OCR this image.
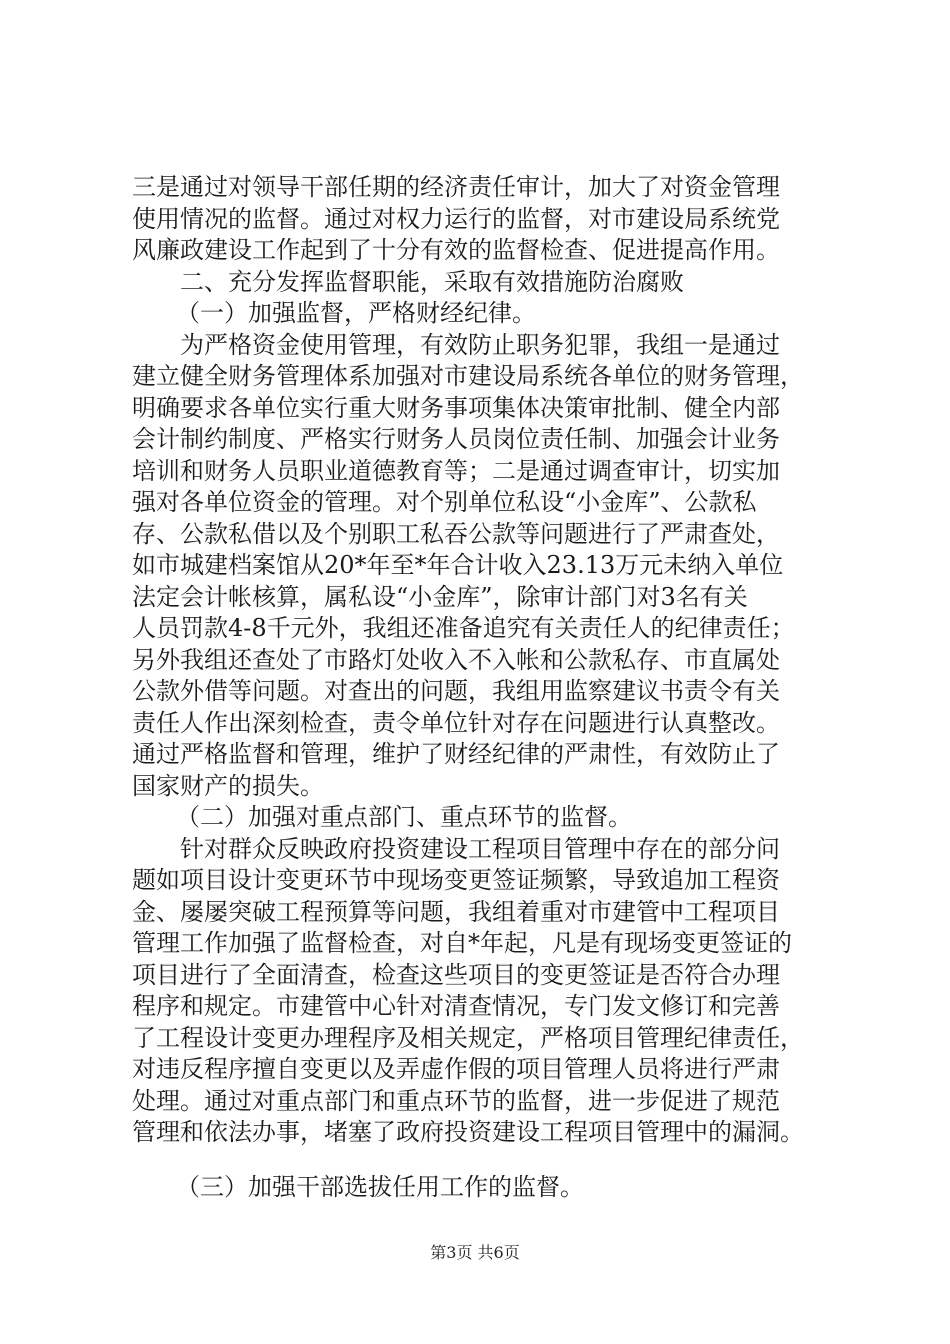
三是通过对领导干部任期的经济责任审计，加大了对资金管理
使用情况的监督。通过对权力运行的监督，对市建设局系统党
风廉政建设工作起到了十分有效的监督检查、促进提高作用。
二、充分发挥监督职能，采取有效措施防治腐败
（一）加强监督，严格财经纪律。
为严格资金使用管理，有效防止职务犯罪，我组一是通过
建立健全财务管理体系加强对市建设局系统各单位的财务管理，
明确要求各单位实行重大财务事项集体决策审批制、健全内部
会计制约制度、严格实行财务人员岗位责任制、加强会计业务
培训和财务人员职业道德教育等；二是通过调查审计，切实加
强对各单位资金的管理。对个别单位私设“小金库”、公款私
存、公款私借以及个别职工私吞公款等问题进行了严肃查处，
如市城建档案馆从20*年至*年合计收入23.13万元未纳入单位
法定会计帐核算，属私设“小金库”，除审计部门对3名有关
人员罚款4-8千元外，我组还准备追究有关责任人的纪律责任；
另外我组还查处了市路灯处收入不入帐和公款私存、市直属处
公款外借等问题。对查出的问题，我组用监察建议书责令有关
责任人作出深刻检查，责令单位针对存在问题进行认真整改。
通过严格监督和管理，维护了财经纪律的严肃性，有效防止了
国家财产的损失。
（二）加强对重点部门、重点环节的监督。
针对群众反映政府投资建设工程项目管理中存在的部分问
题如项目设计变更环节中现场变更签证频繁，导致追加工程资
金、屡屡突破工程预算等问题，我组着重对市建管中工程项目
管理工作加强了监督检查，对自*年起，凡是有现场变更签证的
项目进行了全面清查，检查这些项目的变更签证是否符合办理
程序和规定。市建管中心针对清查情况，专门发文修订和完善
了工程设计变更办理程序及相关规定，严格项目管理纪律责任，
对违反程序擅自变更以及弄虚作假的项目管理人员将进行严肃
处理。通过对重点部门和重点环节的监督，进一步促进了规范
管理和依法办事，堵塞了政府投资建设工程项目管理中的漏洞。
（三）加强干部选拔任用工作的监督。
第3页 共6页
